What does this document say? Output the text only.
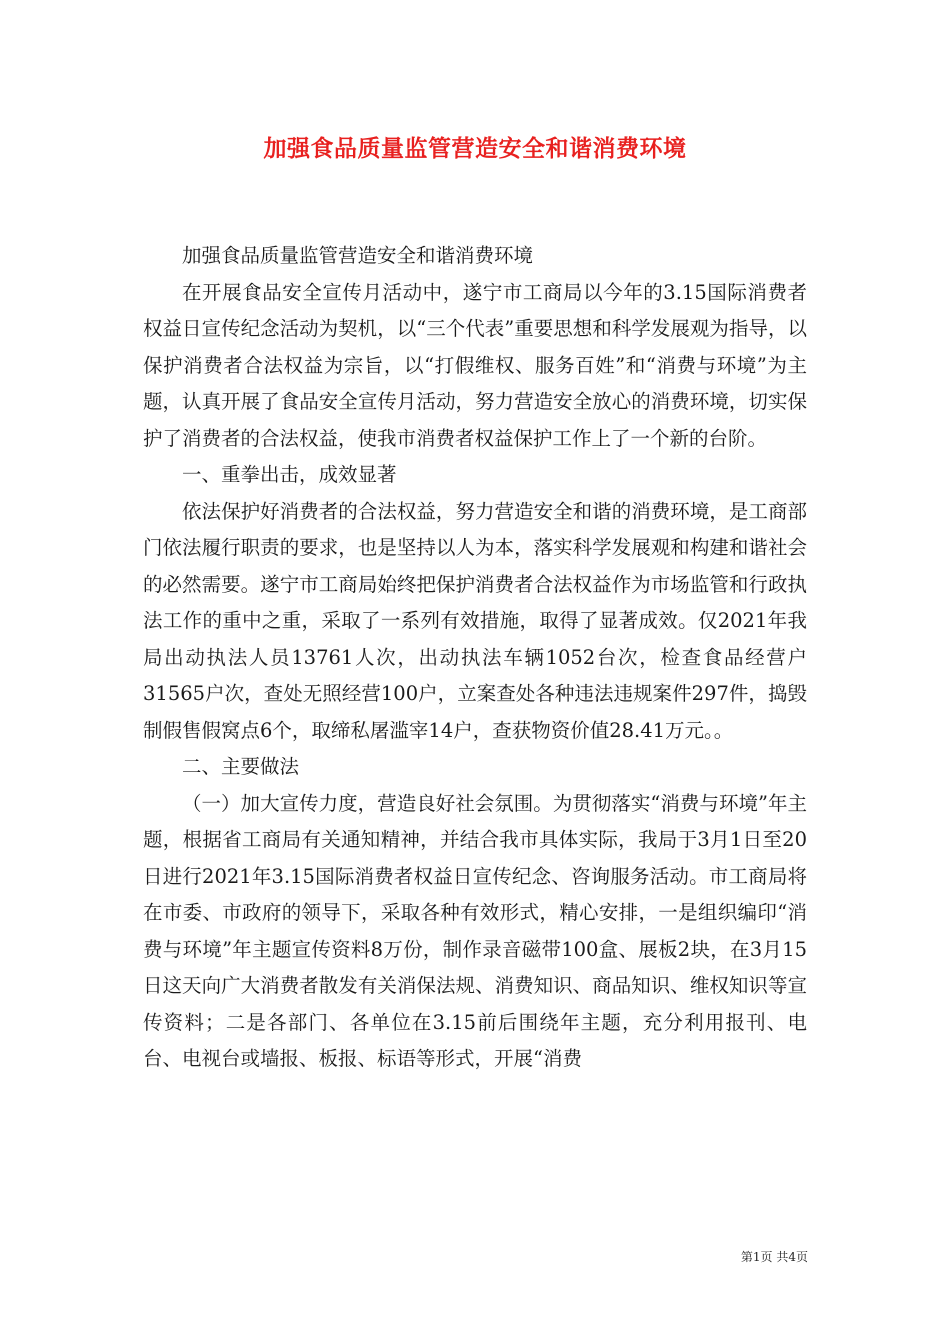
加强食品质量监管营造安全和谐消费环境

加强食品质量监管营造安全和谐消费环境

在开展食品安全宣传月活动中，遂宁市工商局以今年的3.15国际消费者权益日宣传纪念活动为契机，以“三个代表”重要思想和科学发展观为指导，以保护消费者合法权益为宗旨，以“打假维权、服务百姓”和“消费与环境”为主题，认真开展了食品安全宣传月活动，努力营造安全放心的消费环境，切实保护了消费者的合法权益，使我市消费者权益保护工作上了一个新的台阶。

一、重拳出击，成效显著

依法保护好消费者的合法权益，努力营造安全和谐的消费环境，是工商部门依法履行职责的要求，也是坚持以人为本，落实科学发展观和构建和谐社会的必然需要。遂宁市工商局始终把保护消费者合法权益作为市场监管和行政执法工作的重中之重，采取了一系列有效措施，取得了显著成效。仅2021年我局出动执法人员13761人次，出动执法车辆1052台次，检查食品经营户31565户次，查处无照经营100户，立案查处各种违法违规案件297件，捣毁制假售假窝点6个，取缔私屠滥宰14户，查获物资价值28.41万元。。

二、主要做法

（一）加大宣传力度，营造良好社会氛围。为贯彻落实“消费与环境”年主题，根据省工商局有关通知精神，并结合我市具体实际，我局于3月1日至20日进行2021年3.15国际消费者权益日宣传纪念、咨询服务活动。市工商局将在市委、市政府的领导下，采取各种有效形式，精心安排，一是组织编印“消费与环境”年主题宣传资料8万份，制作录音磁带100盒、展板2块，在3月15日这天向广大消费者散发有关消保法规、消费知识、商品知识、维权知识等宣传资料；二是各部门、各单位在3.15前后围绕年主题，充分利用报刊、电台、电视台或墙报、板报、标语等形式，开展“消费

第1页 共4页
